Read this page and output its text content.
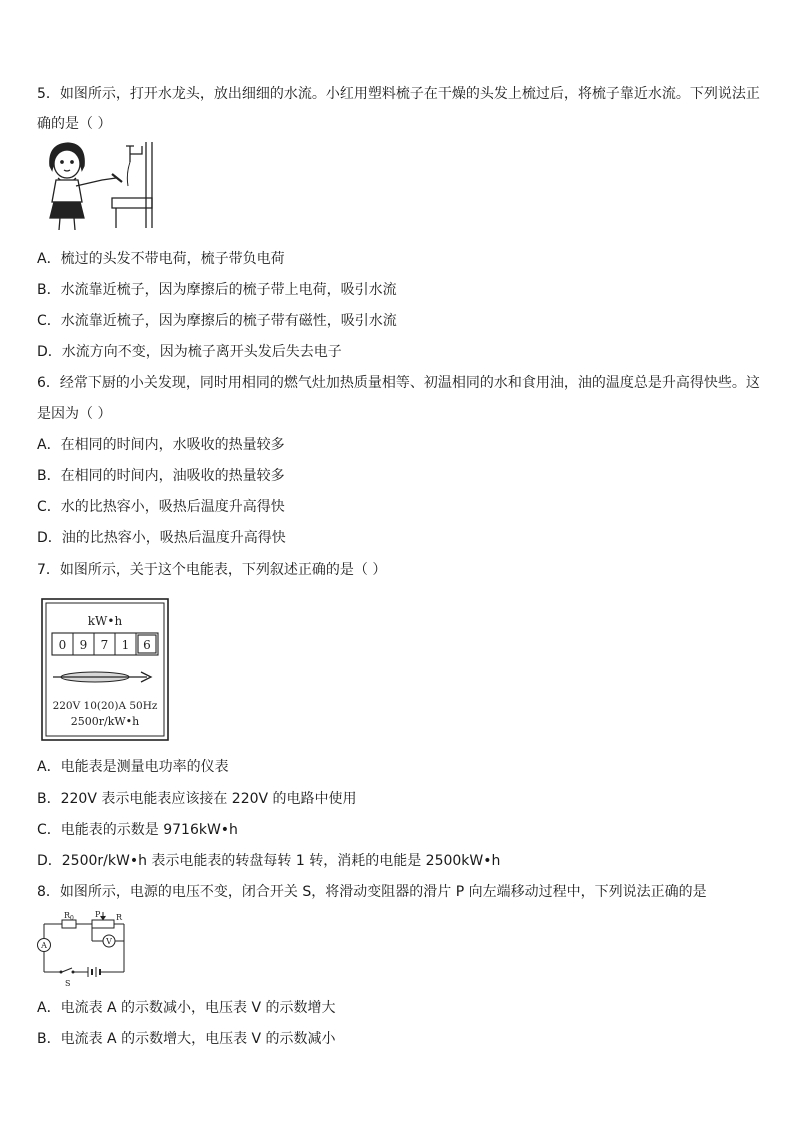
5．如图所示，打开水龙头，放出细细的水流。小红用塑料梳子在干燥的头发上梳过后，将梳子靠近水流。下列说法正
确的是（ ）
A．梳过的头发不带电荷，梳子带负电荷
B．水流靠近梳子，因为摩擦后的梳子带上电荷，吸引水流
C．水流靠近梳子，因为摩擦后的梳子带有磁性，吸引水流
D．水流方向不变，因为梳子离开头发后失去电子
6．经常下厨的小关发现，同时用相同的燃气灶加热质量相等、初温相同的水和食用油，油的温度总是升高得快些。这
是因为（ ）
A．在相同的时间内，水吸收的热量较多
B．在相同的时间内，油吸收的热量较多
C．水的比热容小，吸热后温度升高得快
D．油的比热容小，吸热后温度升高得快
7．如图所示，关于这个电能表，下列叙述正确的是（ ）
kW•h
0 9 7 1 6
220V 10(20)A 50Hz
2500r/kW•h
A．电能表是测量电功率的仪表
B．220V 表示电能表应该接在 220V 的电路中使用
C．电能表的示数是 9716kW•h
D．2500r/kW•h 表示电能表的转盘每转 1 转，消耗的电能是 2500kW•h
8．如图所示，电源的电压不变，闭合开关 S，将滑动变阻器的滑片 P 向左端移动过程中，下列说法正确的是
$R_0$	P R
V
A
S
A．电流表 A 的示数减小，电压表 V 的示数增大
B．电流表 A 的示数增大，电压表 V 的示数减小
